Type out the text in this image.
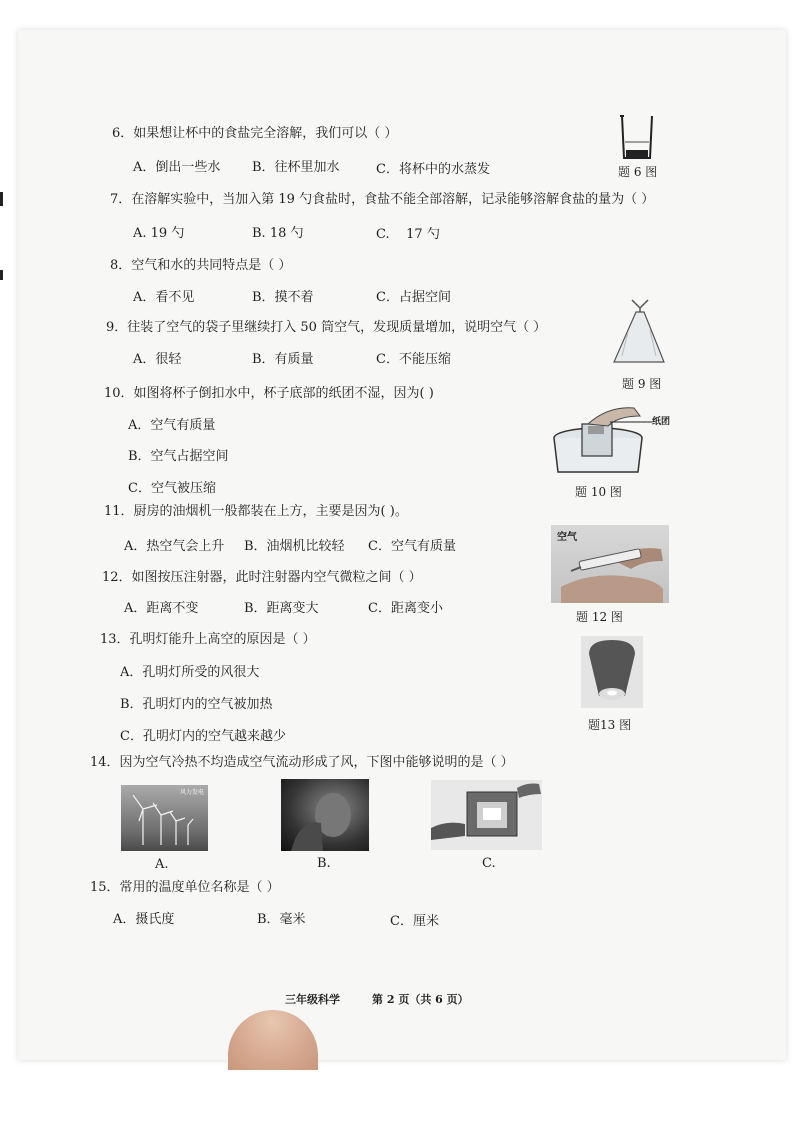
6．如果想让杯中的食盐完全溶解，我们可以（ ）
A．倒出一些水 B．往杯里加水	C．将杯中的水蒸发	题 6 图
7．在溶解实验中，当加入第 19 勺食盐时，食盐不能全部溶解，记录能够溶解食盐的量为（ ）
A. 19 勺	B. 18 勺	C.    17 勺
8．空气和水的共同特点是（ ）
A．看不见	B．摸不着	C．占据空间
9．往装了空气的袋子里继续打入 50 筒空气，发现质量增加，说明空气（ ）
A．很轻	B．有质量	C．不能压缩
题 9 图
10．如图将杯子倒扣水中，杯子底部的纸团不湿，因为( )
A．空气有质量
B．空气占据空间
C．空气被压缩
纸团
题 10 图
11．厨房的油烟机一般都装在上方，主要是因为( )。
A．热空气会上升 B．油烟机比较轻 C．空气有质量
12．如图按压注射器，此时注射器内空气微粒之间（ ）
A．距离不变	B．距离变大	C．距离变小
空气
题 12 图
13．孔明灯能升上高空的原因是（ ）
A．孔明灯所受的风很大
B．孔明灯内的空气被加热
C．孔明灯内的空气越来越少
题13 图
14．因为空气冷热不均造成空气流动形成了风，下图中能够说明的是（ ）
风力发电
A.	B.	C.
15．常用的温度单位名称是（ ）
A．摄氏度	B．毫米	C．厘米
三年级科学	第 2 页（共 6 页）
